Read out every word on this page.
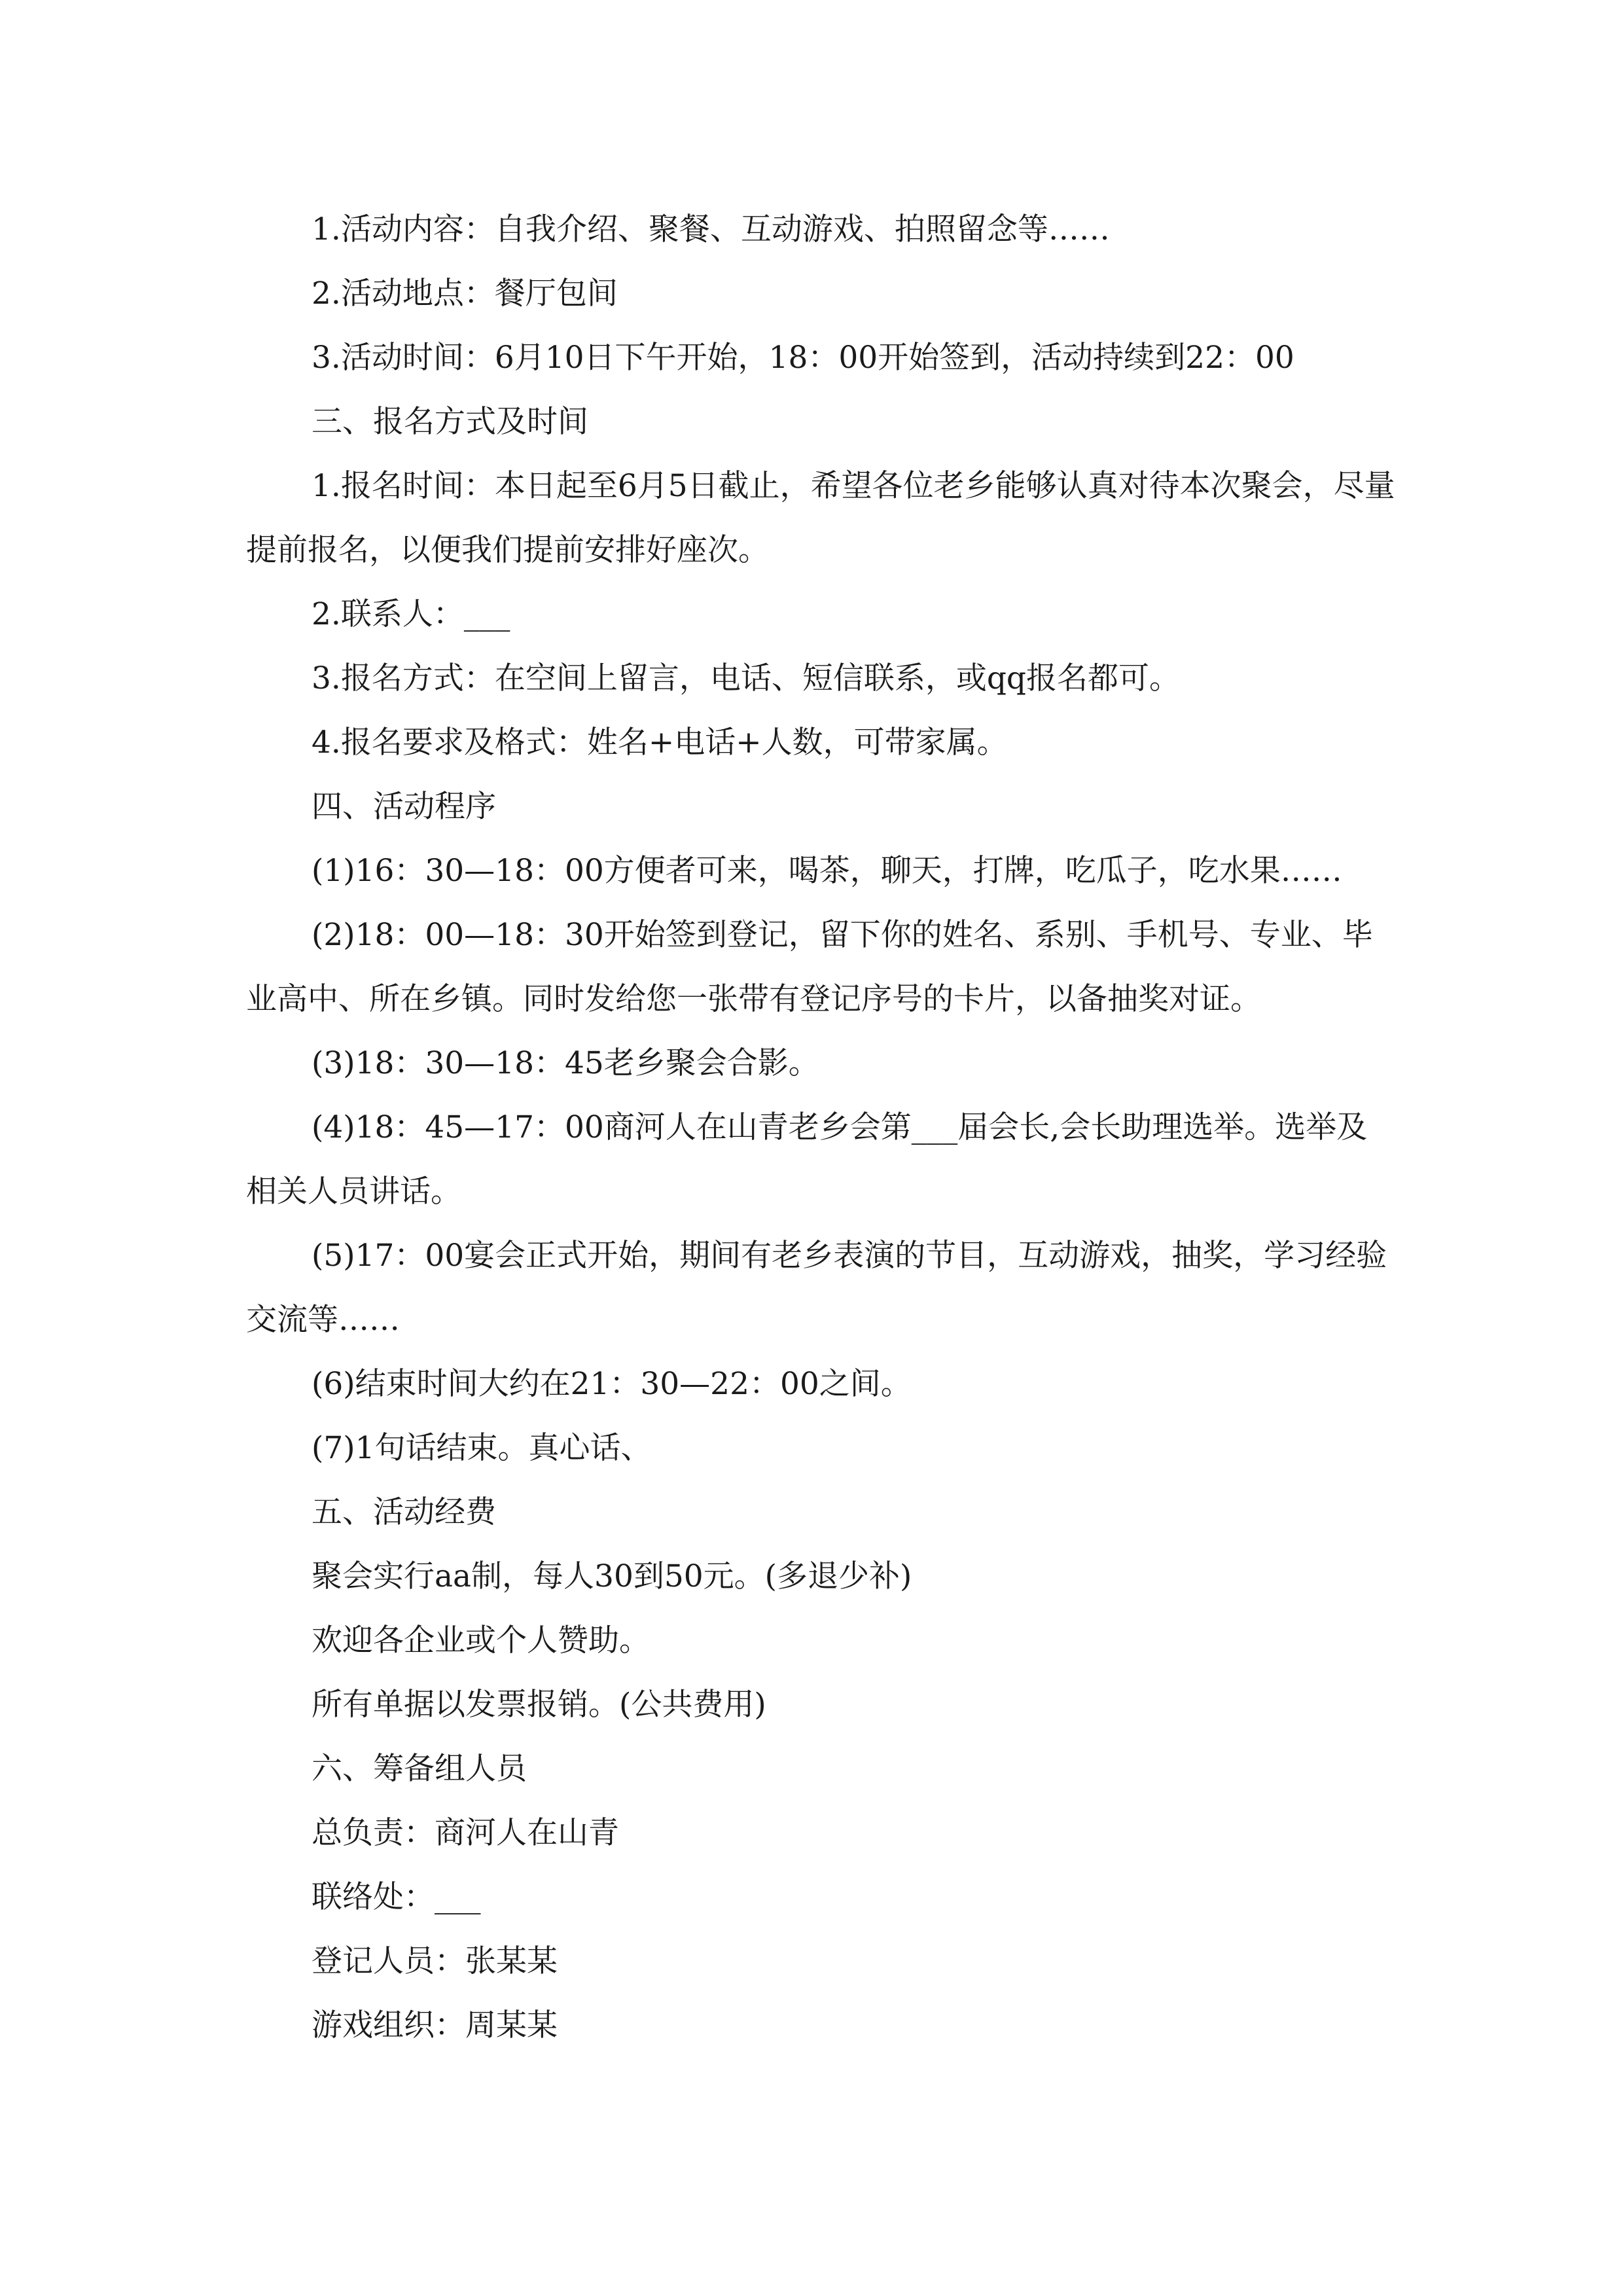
1.活动内容：自我介绍、聚餐、互动游戏、拍照留念等……

2.活动地点：餐厅包间

3.活动时间：6月10日下午开始，18：00开始签到，活动持续到22：00

三、报名方式及时间

1.报名时间：本日起至6月5日截止，希望各位老乡能够认真对待本次聚会，尽量提前报名，以便我们提前安排好座次。

2.联系人：___

3.报名方式：在空间上留言，电话、短信联系，或qq报名都可。

4.报名要求及格式：姓名+电话+人数，可带家属。

四、活动程序

(1)16：30—18：00方便者可来，喝茶，聊天，打牌，吃瓜子，吃水果……

(2)18：00—18：30开始签到登记，留下你的姓名、系别、手机号、专业、毕业高中、所在乡镇。同时发给您一张带有登记序号的卡片，以备抽奖对证。

(3)18：30—18：45老乡聚会合影。

(4)18：45—17：00商河人在山青老乡会第___届会长,会长助理选举。选举及相关人员讲话。

(5)17：00宴会正式开始，期间有老乡表演的节目，互动游戏，抽奖，学习经验交流等……

(6)结束时间大约在21：30—22：00之间。

(7)1句话结束。真心话、

五、活动经费

聚会实行aa制，每人30到50元。(多退少补)

欢迎各企业或个人赞助。

所有单据以发票报销。(公共费用)

六、筹备组人员

总负责：商河人在山青

联络处：___

登记人员：张某某

游戏组织：周某某
